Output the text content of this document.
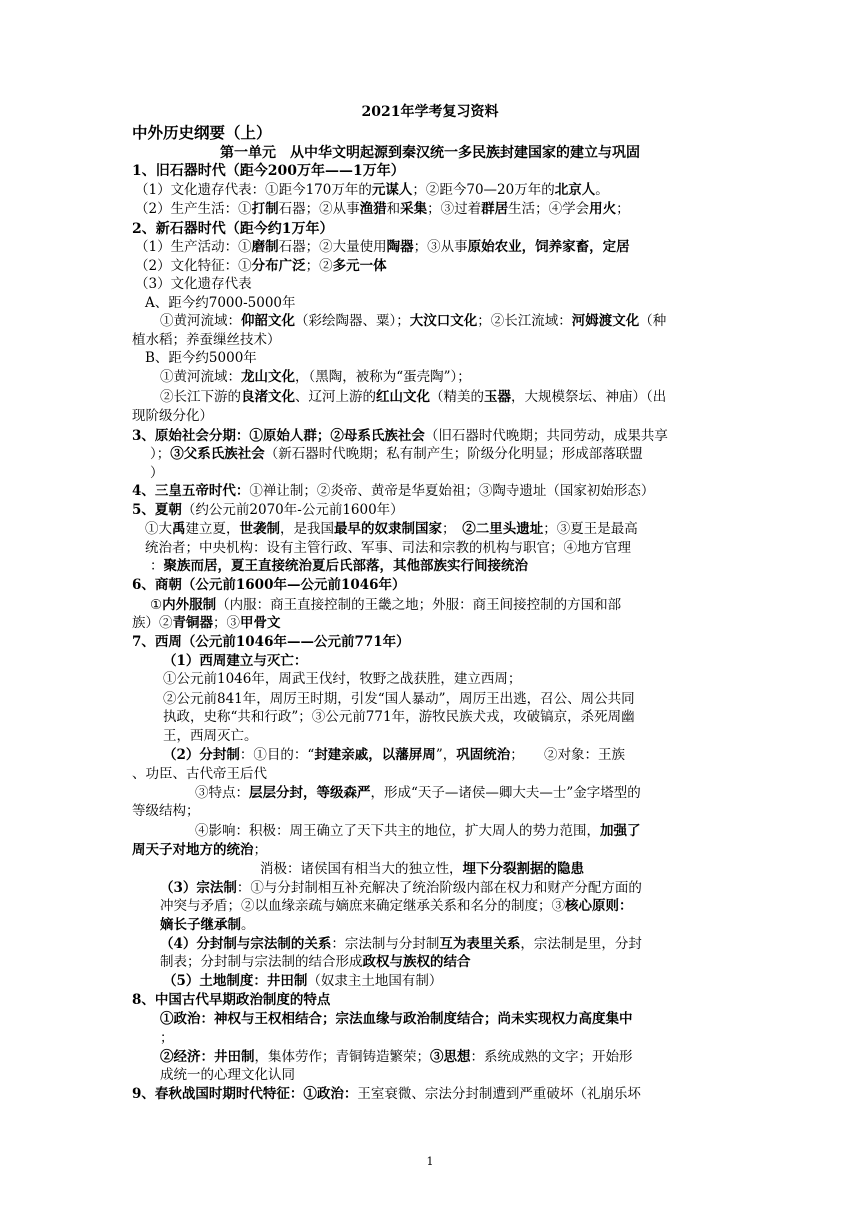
2021年学考复习资料
中外历史纲要（上）
第一单元　从中华文明起源到秦汉统一多民族封建国家的建立与巩固
1、旧石器时代（距今200万年——1万年）
（1）文化遗存代表：①距今170万年的元谋人；②距今70—20万年的北京人。
（2）生产生活：①打制石器；②从事渔猎和采集；③过着群居生活；④学会用火；
2、新石器时代（距今约1万年）
（1）生产活动：①磨制石器；②大量使用陶器；③从事原始农业，饲养家畜，定居
（2）文化特征：①分布广泛；②多元一体
（3）文化遗存代表
A、距今约7000-5000年
①黄河流域：仰韶文化（彩绘陶器、粟）；大汶口文化；②长江流域：河姆渡文化（种
植水稻；养蚕缫丝技术）
B、距今约5000年
①黄河流域：龙山文化，（黑陶，被称为“蛋壳陶”）；
②长江下游的良渚文化、辽河上游的红山文化（精美的玉器，大规模祭坛、神庙）（出
现阶级分化）
3、原始社会分期：①原始人群；②母系氏族社会（旧石器时代晚期；共同劳动，成果共享
）；③父系氏族社会（新石器时代晚期；私有制产生；阶级分化明显；形成部落联盟
）
4、三皇五帝时代：①禅让制；②炎帝、黄帝是华夏始祖；③陶寺遗址（国家初始形态）
5、夏朝（约公元前2070年-公元前1600年）
①大禹建立夏，世袭制，是我国最早的奴隶制国家；　②二里头遗址；③夏王是最高
统治者；中央机构：设有主管行政、军事、司法和宗教的机构与职官；④地方官理
：聚族而居，夏王直接统治夏后氏部落，其他部族实行间接统治
6、商朝（公元前1600年—公元前1046年）
①内外服制（内服：商王直接控制的王畿之地；外服：商王间接控制的方国和部
族）②青铜器；③甲骨文
7、西周（公元前1046年——公元前771年）
（1）西周建立与灭亡：
①公元前1046年，周武王伐纣，牧野之战获胜，建立西周；
②公元前841年，周厉王时期，引发“国人暴动”，周厉王出逃，召公、周公共同
执政，史称“共和行政”；③公元前771年，游牧民族犬戎，攻破镐京，杀死周幽
王，西周灭亡。
（2）分封制：①目的：“封建亲戚，以藩屏周”，巩固统治；　　②对象：王族
、功臣、古代帝王后代
③特点：层层分封，等级森严，形成“天子—诸侯—卿大夫—士”金字塔型的
等级结构；
④影响：积极：周王确立了天下共主的地位，扩大周人的势力范围，加强了
周天子对地方的统治；
消极：诸侯国有相当大的独立性，埋下分裂割据的隐患
（3）宗法制：①与分封制相互补充解决了统治阶级内部在权力和财产分配方面的
冲突与矛盾；②以血缘亲疏与嫡庶来确定继承关系和名分的制度；③核心原则：
嫡长子继承制。
（4）分封制与宗法制的关系：宗法制与分封制互为表里关系，宗法制是里，分封
制表；分封制与宗法制的结合形成政权与族权的结合
（5）土地制度：井田制（奴隶主土地国有制）
8、中国古代早期政治制度的特点
①政治：神权与王权相结合；宗法血缘与政治制度结合；尚未实现权力高度集中
；
②经济：井田制，集体劳作；青铜铸造繁荣；③思想：系统成熟的文字；开始形
成统一的心理文化认同
9、春秋战国时期时代特征：①政治：王室衰微、宗法分封制遭到严重破坏（礼崩乐坏
1
